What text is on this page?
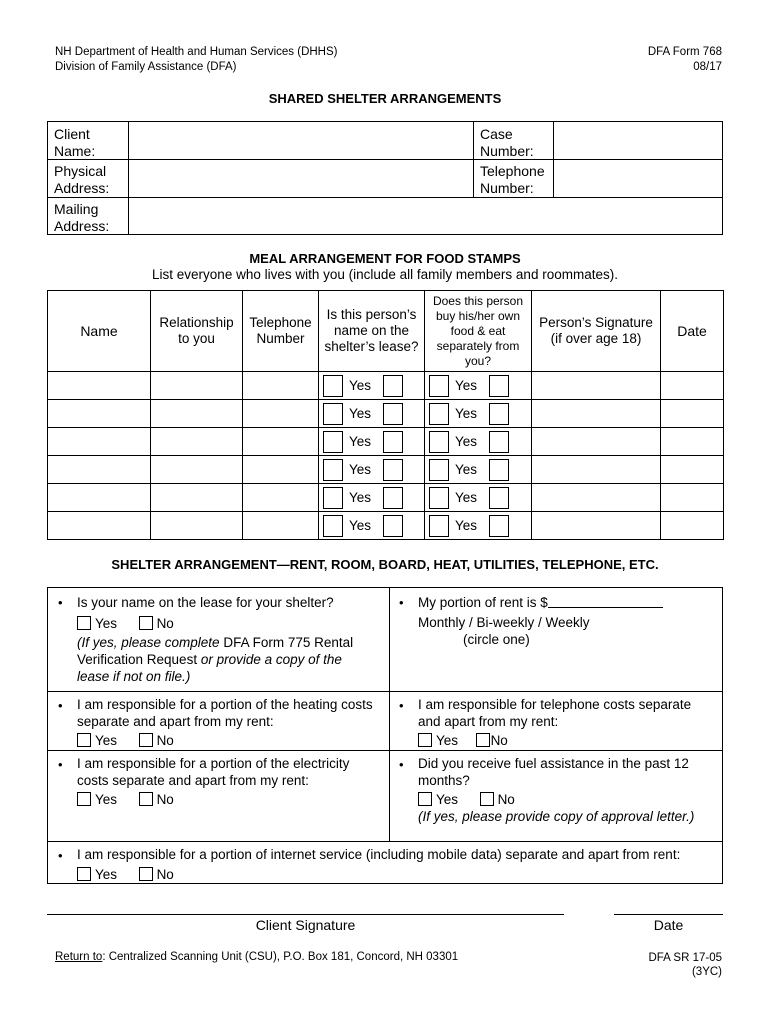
NH Department of Health and Human Services (DHHS)
Division of Family Assistance (DFA)
DFA Form 768
08/17
SHARED SHELTER ARRANGEMENTS
Client Name:
Case Number:
Physical Address:
Telephone Number:
Mailing Address:
MEAL ARRANGEMENT FOR FOOD STAMPS
List everyone who lives with you (include all family members and roommates).
Name	Relationship to you	Telephone Number	Is this person’s name on the shelter’s lease?	Does this person buy his/her own food & eat separately from you?	Person’s Signature (if over age 18)	Date

			Yes	Yes		

			Yes	Yes		

			Yes	Yes		

			Yes	Yes		

			Yes	Yes		

			Yes	Yes		

SHELTER ARRANGEMENT—RENT, ROOM, BOARD, HEAT, UTILITIES, TELEPHONE, ETC.
• Is your name on the lease for your shelter?
Yes	No
(If yes, please complete DFA Form 775 Rental
Verification Request or provide a copy of the
lease if not on file.)
• My portion of rent is $
Monthly / Bi-weekly / Weekly
(circle one)
• I am responsible for a portion of the heating costs
separate and apart from my rent:
Yes	No
• I am responsible for telephone costs separate
and apart from my rent:
Yes No
• I am responsible for a portion of the electricity
costs separate and apart from my rent:
Yes	No
• Did you receive fuel assistance in the past 12
months?
Yes	No
(If yes, please provide copy of approval letter.)
• I am responsible for a portion of internet service (including mobile data) separate and apart from rent:
Yes	No
Client Signature	Date
Return to: Centralized Scanning Unit (CSU), P.O. Box 181, Concord, NH 03301	DFA SR 17-05
(3YC)
